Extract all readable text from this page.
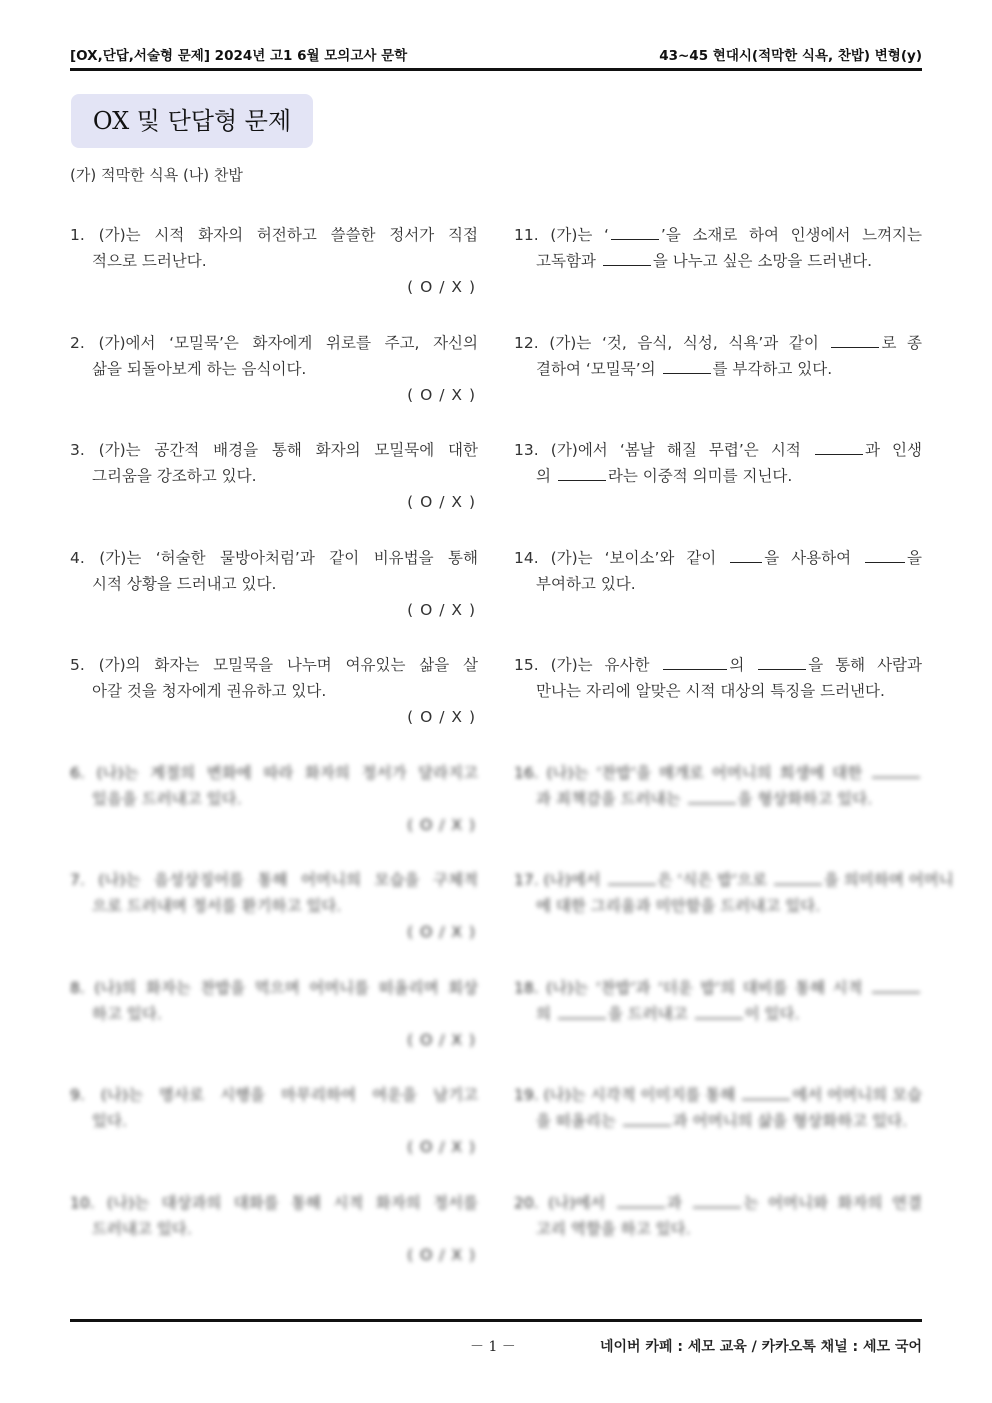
[OX,단답,서술형 문제] 2024년 고1 6월 모의고사 문학	43~45 현대시(적막한 식욕, 찬밥) 변형(y)
OX 및 단답형 문제
(가) 적막한 식욕 (나) 찬밥
1. (가)는 시적 화자의 허전하고 쓸쓸한 정서가 직접
적으로 드러난다.
( O / X )
2. (가)에서 ‘모밀묵’은 화자에게 위로를 주고, 자신의
삶을 되돌아보게 하는 음식이다.
( O / X )
3. (가)는 공간적 배경을 통해 화자의 모밀묵에 대한
그리움을 강조하고 있다.
( O / X )
4. (가)는 ‘허술한 물방아처럼’과 같이 비유법을 통해
시적 상황을 드러내고 있다.
( O / X )
5. (가)의 화자는 모밀묵을 나누며 여유있는 삶을 살
아갈 것을 청자에게 권유하고 있다.
( O / X )
6. (나)는 계절의 변화에 따라 화자의 정서가 달라지고
있음을 드러내고 있다.
( O / X )
7. (나)는 음성상징어를 통해 어머니의 모습을 구체적
으로 드러내며 정서를 환기하고 있다.
( O / X )
8. (나)의 화자는 찬밥을 먹으며 어머니를 떠올리며 회상
하고 있다.
( O / X )
9. (나)는 명사로 시행을 마무리하여 여운을 남기고
있다.
( O / X )
10. (나)는 대상과의 대화를 통해 시적 화자의 정서를
드러내고 있다.
( O / X )
11. (가)는 ‘	’을 소재로 하여 인생에서 느껴지는
고독함과	을 나누고 싶은 소망을 드러낸다.
12. (가)는 ‘것, 음식, 식성, 식욕’과 같이	로 종
결하여 ‘모밀묵’의	를 부각하고 있다.
13. (가)에서 ‘봄날 해질 무렵’은 시적	과 인생
의	라는 이중적 의미를 지닌다.
14. (가)는 ‘보이소’와 같이 을 사용하여	을
부여하고 있다.
15. (가)는 유사한	의	을 통해 사람과
만나는 자리에 알맞은 시적 대상의 특징을 드러낸다.
16. (나)는 ‘찬밥’을 매개로 어머니의 희생에 대한
과 죄책감을 드러내는	을 형상화하고 있다.
17. (나)에서	은 ‘식은 밥’으로	을 의미하며 어머니
에 대한 그리움과 미안함을 드러내고 있다.
18. (나)는 ‘찬밥’과 ‘더운 밥’의 대비를 통해 시적
의	을 드러내고	이 있다.
19. (나)는 시각적 이미지를 통해	에서 어머니의 모습
을 떠올리는	과 어머니의 삶을 형상화하고 있다.
20. (나)에서	과	는 어머니와 화자의 연결
고리 역할을 하고 있다.
－ 1 －	네이버 카페 : 세모 교육 / 카카오톡 채널 : 세모 국어
